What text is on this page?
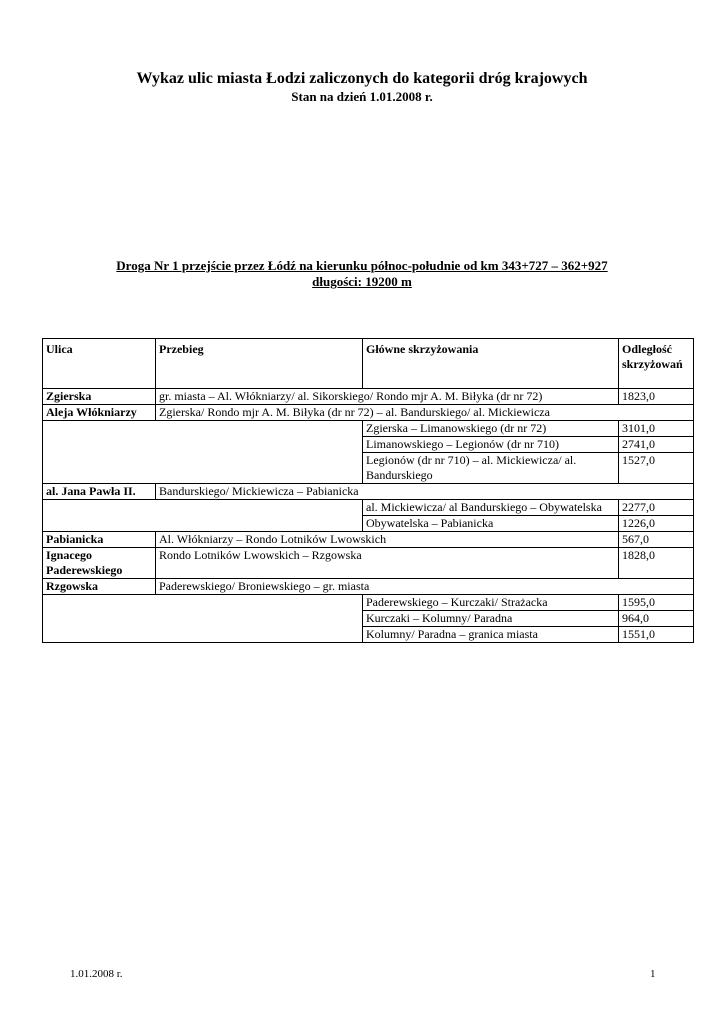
Wykaz ulic miasta Łodzi zaliczonych do kategorii dróg krajowych
Stan na dzień 1.01.2008 r.
Droga Nr 1 przejście przez Łódź na kierunku północ-południe od km 343+727 – 362+927
długości: 19200 m
Ulica	Przebieg	Główne skrzyżowania	Odległość skrzyżowań
Zgierska	gr. miasta – Al. Włókniarzy/ al. Sikorskiego/ Rondo mjr A. M. Biłyka (dr nr 72)		1823,0
Aleja Włókniarzy	Zgierska/ Rondo mjr A. M. Biłyka (dr nr 72) – al. Bandurskiego/ al. Mickiewicza		
		Zgierska – Limanowskiego (dr nr 72)	3101,0
		Limanowskiego – Legionów (dr nr 710)	2741,0
		Legionów (dr nr 710) – al. Mickiewicza/ al. Bandurskiego	1527,0
al. Jana Pawła II.	Bandurskiego/ Mickiewicza – Pabianicka		
		al. Mickiewicza/ al Bandurskiego – Obywatelska	2277,0
		Obywatelska – Pabianicka	1226,0
Pabianicka	Al. Włókniarzy – Rondo Lotników Lwowskich		567,0
Ignacego Paderewskiego	Rondo Lotników Lwowskich – Rzgowska		1828,0
Rzgowska	Paderewskiego/ Broniewskiego – gr. miasta		
		Paderewskiego – Kurczaki/ Strażacka	1595,0
		Kurczaki – Kolumny/ Paradna	964,0
		Kolumny/ Paradna – granica miasta	1551,0
1.01.2008 r.	1
